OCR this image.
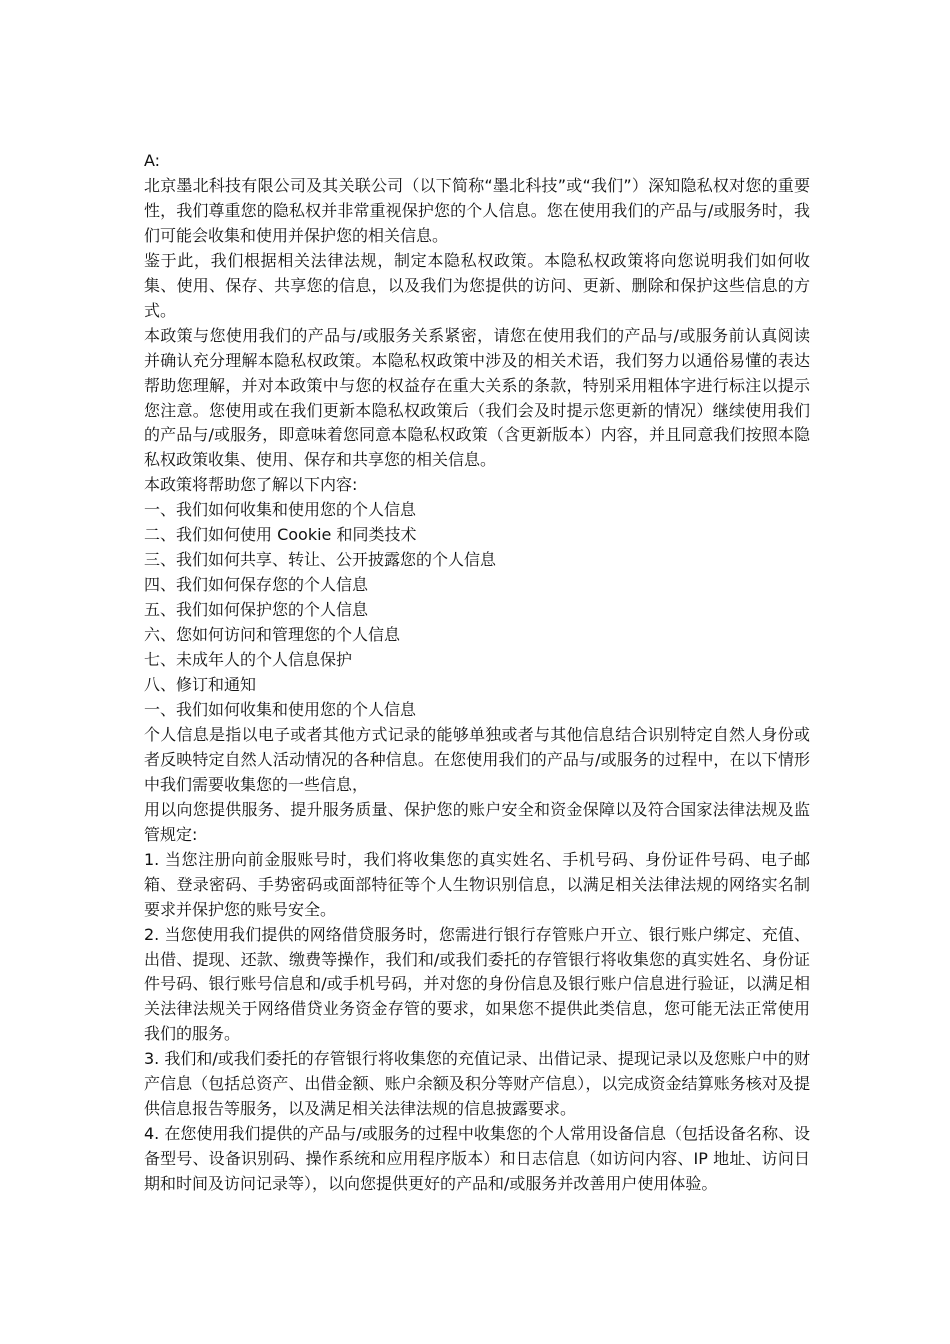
A:

北京墨北科技有限公司及其关联公司（以下简称“墨北科技”或“我们”）深知隐私权对您的重要性，我们尊重您的隐私权并非常重视保护您的个人信息。您在使用我们的产品与/或服务时，我们可能会收集和使用并保护您的相关信息。

鉴于此，我们根据相关法律法规，制定本隐私权政策。本隐私权政策将向您说明我们如何收集、使用、保存、共享您的信息，以及我们为您提供的访问、更新、删除和保护这些信息的方式。

本政策与您使用我们的产品与/或服务关系紧密，请您在使用我们的产品与/或服务前认真阅读并确认充分理解本隐私权政策。本隐私权政策中涉及的相关术语，我们努力以通俗易懂的表达帮助您理解，并对本政策中与您的权益存在重大关系的条款，特别采用粗体字进行标注以提示您注意。您使用或在我们更新本隐私权政策后（我们会及时提示您更新的情况）继续使用我们的产品与/或服务，即意味着您同意本隐私权政策（含更新版本）内容，并且同意我们按照本隐私权政策收集、使用、保存和共享您的相关信息。

本政策将帮助您了解以下内容:

一、我们如何收集和使用您的个人信息

二、我们如何使用 Cookie 和同类技术

三、我们如何共享、转让、公开披露您的个人信息

四、我们如何保存您的个人信息

五、我们如何保护您的个人信息

六、您如何访问和管理您的个人信息

七、未成年人的个人信息保护

八、修订和通知

一、我们如何收集和使用您的个人信息

个人信息是指以电子或者其他方式记录的能够单独或者与其他信息结合识别特定自然人身份或者反映特定自然人活动情况的各种信息。在您使用我们的产品与/或服务的过程中，在以下情形中我们需要收集您的一些信息，

用以向您提供服务、提升服务质量、保护您的账户安全和资金保障以及符合国家法律法规及监管规定:

1. 当您注册向前金服账号时，我们将收集您的真实姓名、手机号码、身份证件号码、电子邮箱、登录密码、手势密码或面部特征等个人生物识别信息，以满足相关法律法规的网络实名制要求并保护您的账号安全。

2. 当您使用我们提供的网络借贷服务时，您需进行银行存管账户开立、银行账户绑定、充值、出借、提现、还款、缴费等操作，我们和/或我们委托的存管银行将收集您的真实姓名、身份证件号码、银行账号信息和/或手机号码，并对您的身份信息及银行账户信息进行验证，以满足相关法律法规关于网络借贷业务资金存管的要求，如果您不提供此类信息，您可能无法正常使用我们的服务。

3. 我们和/或我们委托的存管银行将收集您的充值记录、出借记录、提现记录以及您账户中的财产信息（包括总资产、出借金额、账户余额及积分等财产信息），以完成资金结算账务核对及提供信息报告等服务，以及满足相关法律法规的信息披露要求。

4. 在您使用我们提供的产品与/或服务的过程中收集您的个人常用设备信息（包括设备名称、设备型号、设备识别码、操作系统和应用程序版本）和日志信息（如访问内容、IP 地址、访问日期和时间及访问记录等），以向您提供更好的产品和/或服务并改善用户使用体验。
